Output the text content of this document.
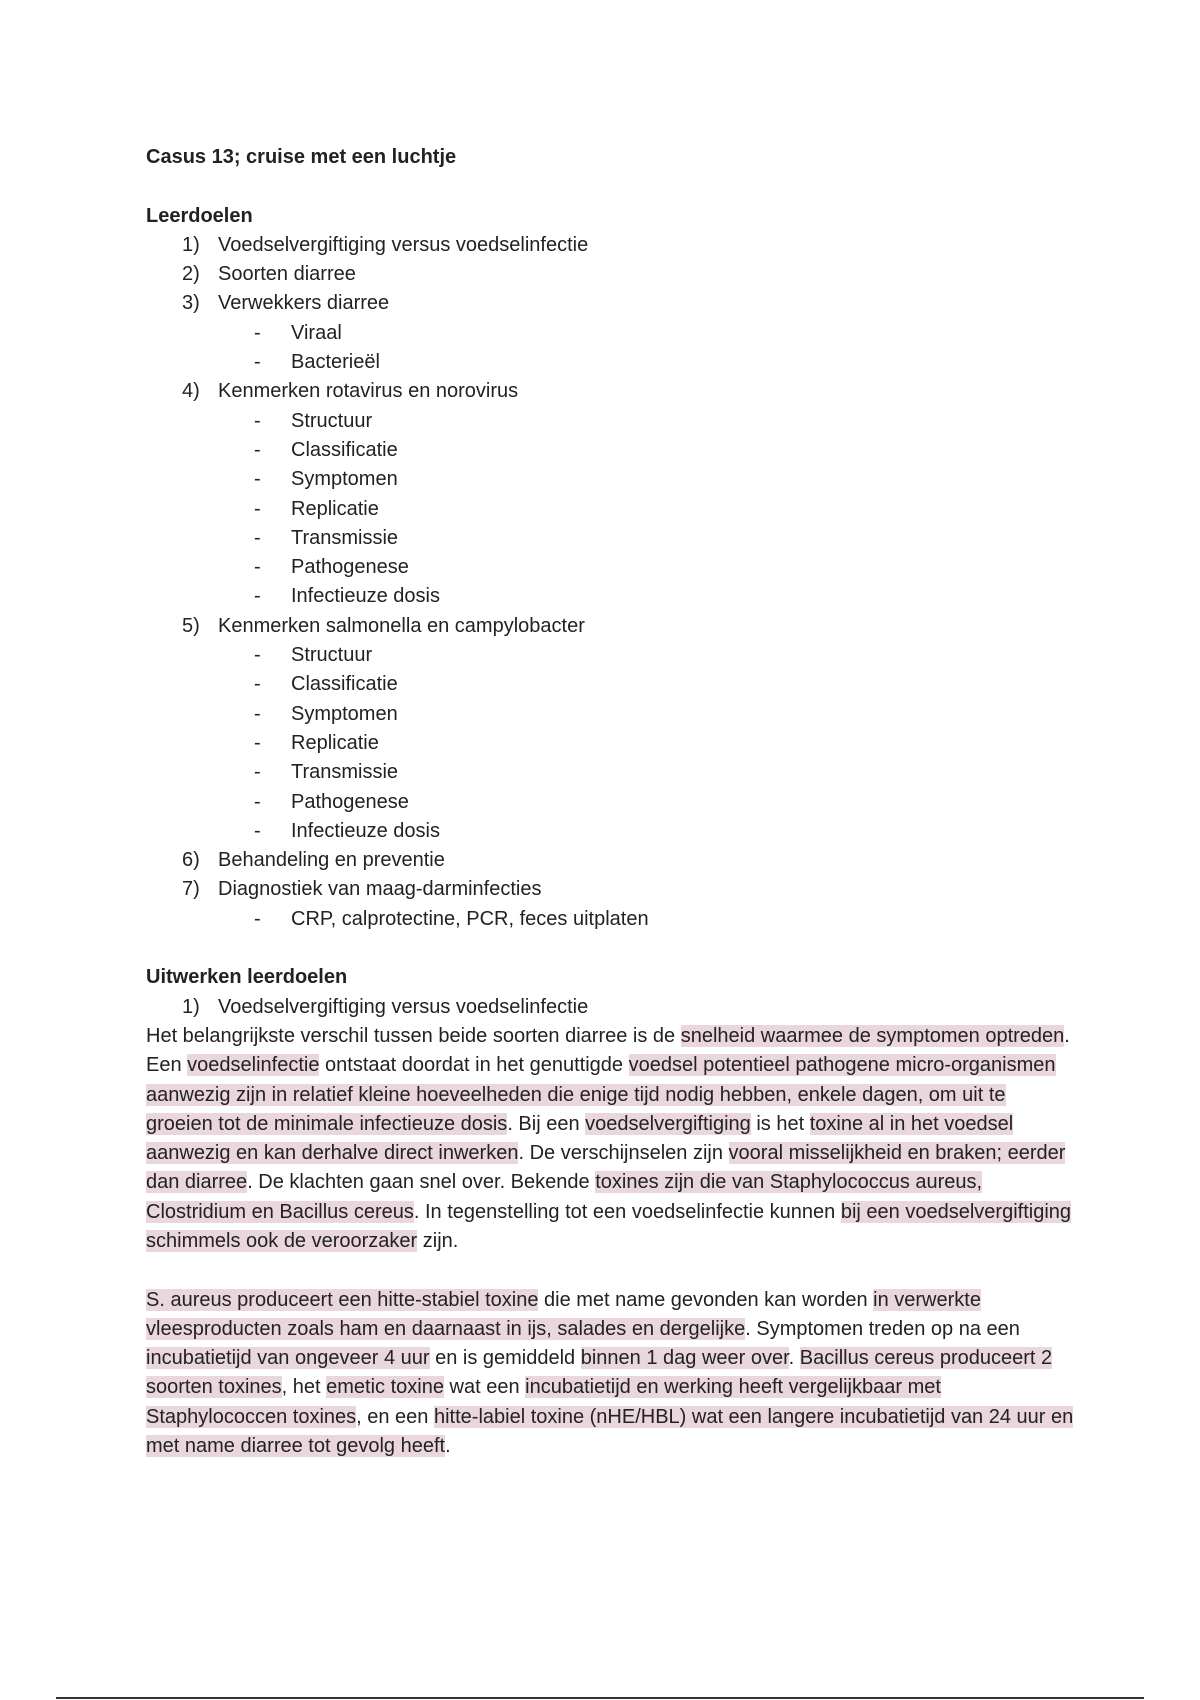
Casus 13; cruise met een luchtje

Leerdoelen

1) Voedselvergiftiging versus voedselinfectie
2) Soorten diarree
3) Verwekkers diarree
- Viraal
- Bacterieël
4) Kenmerken rotavirus en norovirus
- Structuur
- Classificatie
- Symptomen
- Replicatie
- Transmissie
- Pathogenese
- Infectieuze dosis
5) Kenmerken salmonella en campylobacter
- Structuur
- Classificatie
- Symptomen
- Replicatie
- Transmissie
- Pathogenese
- Infectieuze dosis
6) Behandeling en preventie
7) Diagnostiek van maag-darminfecties
- CRP, calprotectine, PCR, feces uitplaten

Uitwerken leerdoelen

1) Voedselvergiftiging versus voedselinfectie

Het belangrijkste verschil tussen beide soorten diarree is de snelheid waarmee de symptomen optreden. Een voedselinfectie ontstaat doordat in het genuttigde voedsel potentieel pathogene micro-organismen aanwezig zijn in relatief kleine hoeveelheden die enige tijd nodig hebben, enkele dagen, om uit te groeien tot de minimale infectieuze dosis. Bij een voedselvergiftiging is het toxine al in het voedsel aanwezig en kan derhalve direct inwerken. De verschijnselen zijn vooral misselijkheid en braken; eerder dan diarree. De klachten gaan snel over. Bekende toxines zijn die van Staphylococcus aureus, Clostridium en Bacillus cereus. In tegenstelling tot een voedselinfectie kunnen bij een voedselvergiftiging schimmels ook de veroorzaker zijn.

S. aureus produceert een hitte-stabiel toxine die met name gevonden kan worden in verwerkte vleesproducten zoals ham en daarnaast in ijs, salades en dergelijke. Symptomen treden op na een incubatietijd van ongeveer 4 uur en is gemiddeld binnen 1 dag weer over. Bacillus cereus produceert 2 soorten toxines, het emetic toxine wat een incubatietijd en werking heeft vergelijkbaar met Staphylococcen toxines, en een hitte-labiel toxine (nHE/HBL) wat een langere incubatietijd van 24 uur en met name diarree tot gevolg heeft.
